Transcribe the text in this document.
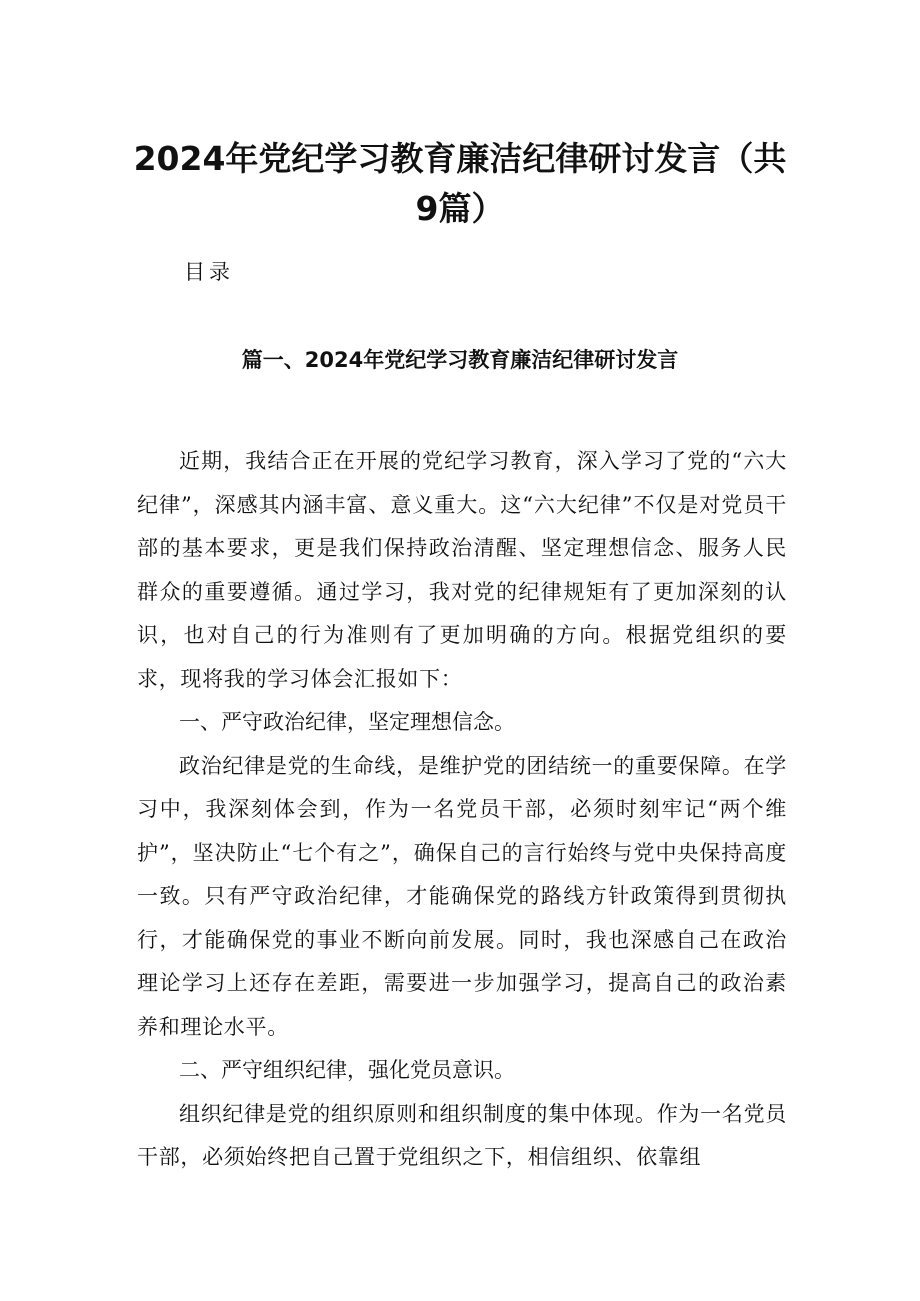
2024年党纪学习教育廉洁纪律研讨发言（共9篇）
目录
篇一、2024年党纪学习教育廉洁纪律研讨发言

近期，我结合正在开展的党纪学习教育，深入学习了党的“六大纪律”，深感其内涵丰富、意义重大。这“六大纪律”不仅是对党员干部的基本要求，更是我们保持政治清醒、坚定理想信念、服务人民群众的重要遵循。通过学习，我对党的纪律规矩有了更加深刻的认识，也对自己的行为准则有了更加明确的方向。根据党组织的要求，现将我的学习体会汇报如下：

一、严守政治纪律，坚定理想信念。

政治纪律是党的生命线，是维护党的团结统一的重要保障。在学习中，我深刻体会到，作为一名党员干部，必须时刻牢记“两个维护”，坚决防止“七个有之”，确保自己的言行始终与党中央保持高度一致。只有严守政治纪律，才能确保党的路线方针政策得到贯彻执行，才能确保党的事业不断向前发展。同时，我也深感自己在政治理论学习上还存在差距，需要进一步加强学习，提高自己的政治素养和理论水平。

二、严守组织纪律，强化党员意识。

组织纪律是党的组织原则和组织制度的集中体现。作为一名党员干部，必须始终把自己置于党组织之下，相信组织、依靠组
